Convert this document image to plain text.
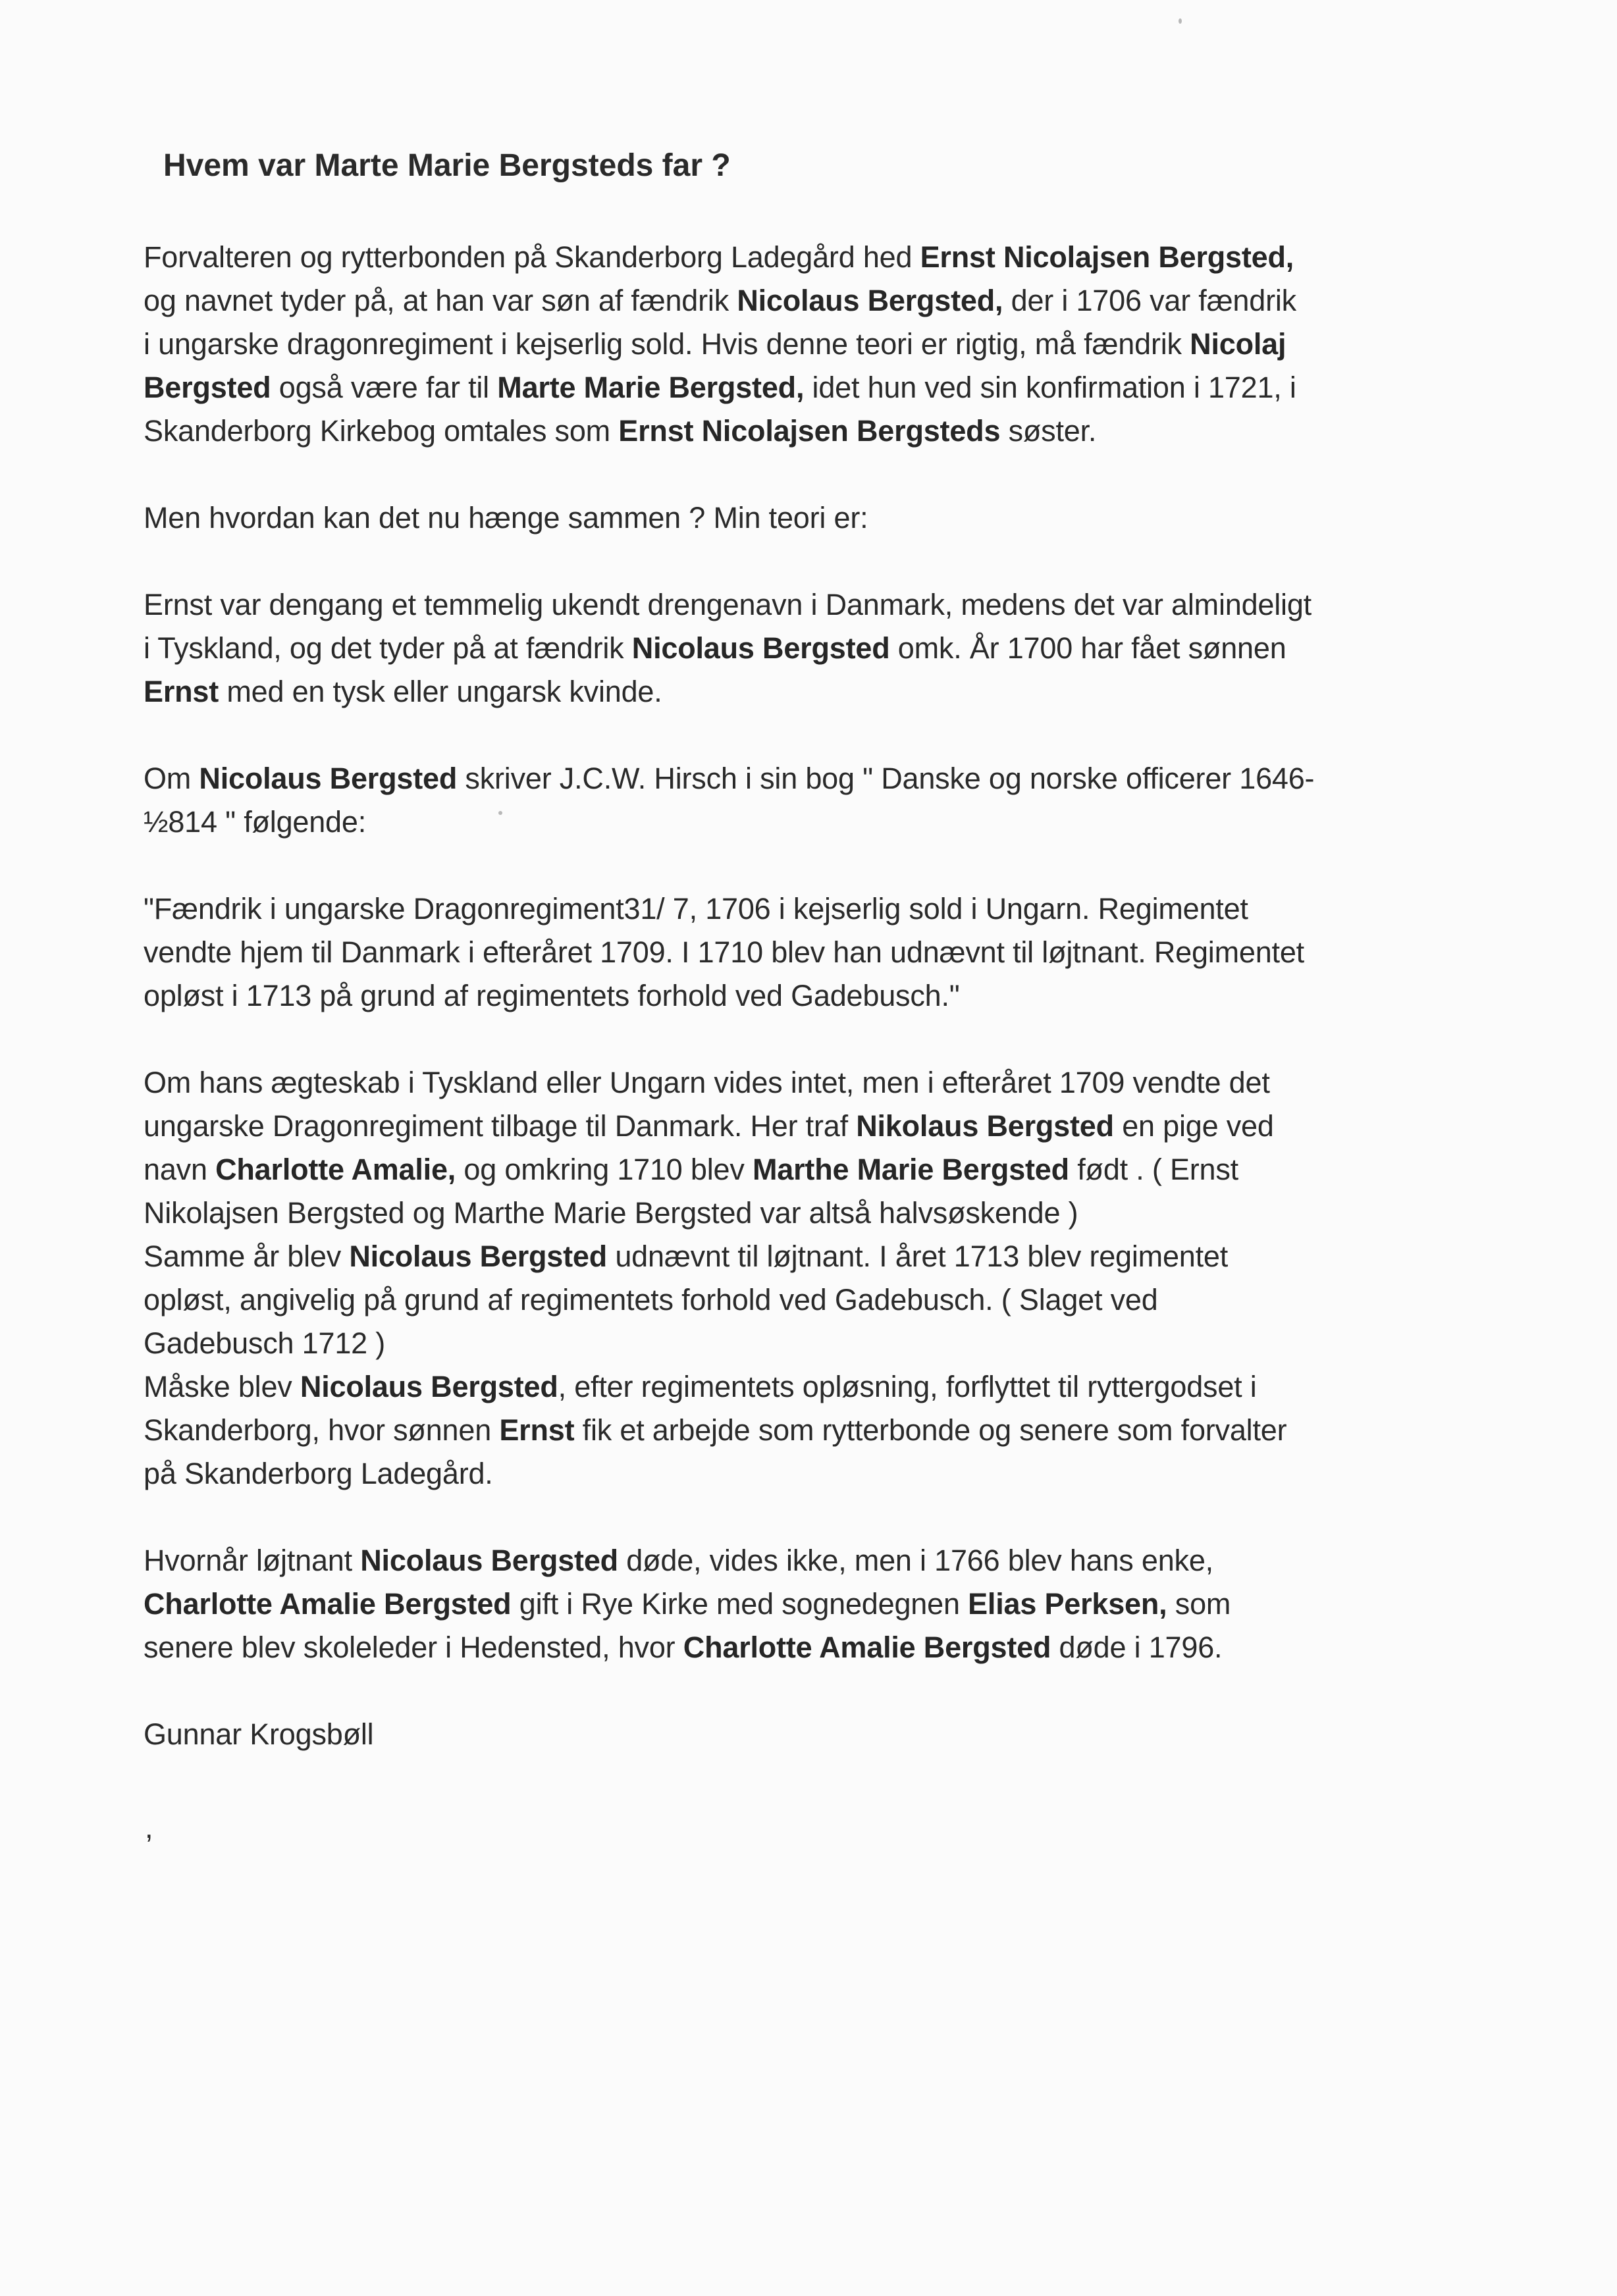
Hvem var Marte Marie Bergsteds far ?

Forvalteren og rytterbonden på Skanderborg Ladegård hed Ernst Nicolajsen Bergsted,
og navnet tyder på, at han var søn af fændrik Nicolaus Bergsted, der i 1706 var fændrik
i ungarske dragonregiment i kejserlig sold. Hvis denne teori er rigtig, må fændrik Nicolaj
Bergsted også være far til Marte Marie Bergsted, idet hun ved sin konfirmation i 1721, i
Skanderborg Kirkebog omtales som Ernst Nicolajsen Bergsteds søster.

Men hvordan kan det nu hænge sammen ? Min teori er:

Ernst var dengang et temmelig ukendt drengenavn i Danmark, medens det var almindeligt
i Tyskland, og det tyder på at fændrik Nicolaus Bergsted omk. År 1700 har fået sønnen
Ernst med en tysk eller ungarsk kvinde.

Om Nicolaus Bergsted skriver J.C.W. Hirsch i sin bog " Danske og norske officerer 1646-
½814 " følgende:

"Fændrik i ungarske Dragonregiment31/ 7, 1706 i kejserlig sold i Ungarn. Regimentet
vendte hjem til Danmark i efteråret 1709. I 1710 blev han udnævnt til løjtnant. Regimentet
opløst i 1713 på grund af regimentets forhold ved Gadebusch."

Om hans ægteskab i Tyskland eller Ungarn vides intet, men i efteråret 1709 vendte det
ungarske Dragonregiment tilbage til Danmark. Her traf Nikolaus Bergsted en pige ved
navn Charlotte Amalie, og omkring 1710 blev Marthe Marie Bergsted født . ( Ernst
Nikolajsen Bergsted og Marthe Marie Bergsted var altså halvsøskende )
Samme år blev Nicolaus Bergsted udnævnt til løjtnant. I året 1713 blev regimentet
opløst, angivelig på grund af regimentets forhold ved Gadebusch. ( Slaget ved
Gadebusch 1712 )
Måske blev Nicolaus Bergsted, efter regimentets opløsning, forflyttet til ryttergodset i
Skanderborg, hvor sønnen Ernst fik et arbejde som rytterbonde og senere som forvalter
på Skanderborg Ladegård.

Hvornår løjtnant Nicolaus Bergsted døde, vides ikke, men i 1766 blev hans enke,
Charlotte Amalie Bergsted gift i Rye Kirke med sognedegnen Elias Perksen, som
senere blev skoleleder i Hedensted, hvor Charlotte Amalie Bergsted døde i 1796.

Gunnar Krogsbøll

,
